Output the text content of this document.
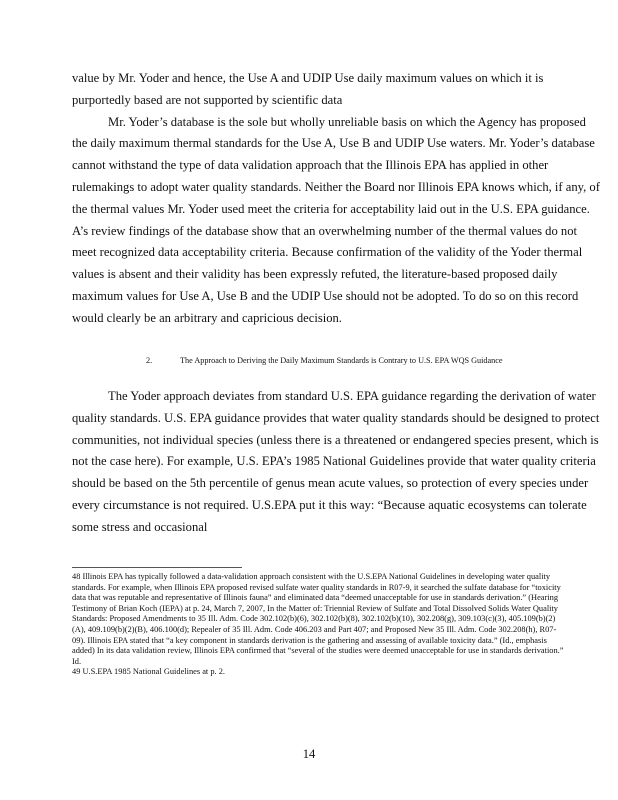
value by Mr. Yoder and hence, the Use A and UDIP Use daily maximum values on which it is purportedly based are not supported by scientific data

Mr. Yoder’s database is the sole but wholly unreliable basis on which the Agency has proposed the daily maximum thermal standards for the Use A, Use B and UDIP Use waters. Mr. Yoder’s database cannot withstand the type of data validation approach that the Illinois EPA has applied in other rulemakings to adopt water quality standards. Neither the Board nor Illinois EPA knows which, if any, of the thermal values Mr. Yoder used meet the criteria for acceptability laid out in the U.S. EPA guidance. A’s review findings of the database show that an overwhelming number of the thermal values do not meet recognized data acceptability criteria. Because confirmation of the validity of the Yoder thermal values is absent and their validity has been expressly refuted, the literature-based proposed daily maximum values for Use A, Use B and the UDIP Use should not be adopted. To do so on this record would clearly be an arbitrary and capricious decision.

2.	The Approach to Deriving the Daily Maximum Standards is Contrary to U.S. EPA WQS Guidance

The Yoder approach deviates from standard U.S. EPA guidance regarding the derivation of water quality standards. U.S. EPA guidance provides that water quality standards should be designed to protect communities, not individual species (unless there is a threatened or endangered species present, which is not the case here). For example, U.S. EPA’s 1985 National Guidelines provide that water quality criteria should be based on the 5th percentile of genus mean acute values, so protection of every species under every circumstance is not required. U.S.EPA put it this way: “Because aquatic ecosystems can tolerate some stress and occasional

48 Illinois EPA has typically followed a data-validation approach consistent with the U.S.EPA National Guidelines in developing water quality standards. For example, when Illinois EPA proposed revised sulfate water quality standards in R07-9, it searched the sulfate database for “toxicity data that was reputable and representative of Illinois fauna” and eliminated data “deemed unacceptable for use in standards derivation.” (Hearing Testimony of Brian Koch (IEPA) at p. 24, March 7, 2007, In the Matter of: Triennial Review of Sulfate and Total Dissolved Solids Water Quality Standards: Proposed Amendments to 35 Ill. Adm. Code 302.102(b)(6), 302.102(b)(8), 302.102(b)(10), 302.208(g), 309.103(c)(3), 405.109(b)(2)(A), 409.109(b)(2)(B), 406.100(d); Repealer of 35 Ill. Adm. Code 406.203 and Part 407; and Proposed New 35 Ill. Adm. Code 302.208(h), R07-09). Illinois EPA stated that “a key component in standards derivation is the gathering and assessing of available toxicity data.” (Id., emphasis added) In its data validation review, Illinois EPA confirmed that “several of the studies were deemed unacceptable for use in standards derivation.” Id.

49 U.S.EPA 1985 National Guidelines at p. 2.

14
